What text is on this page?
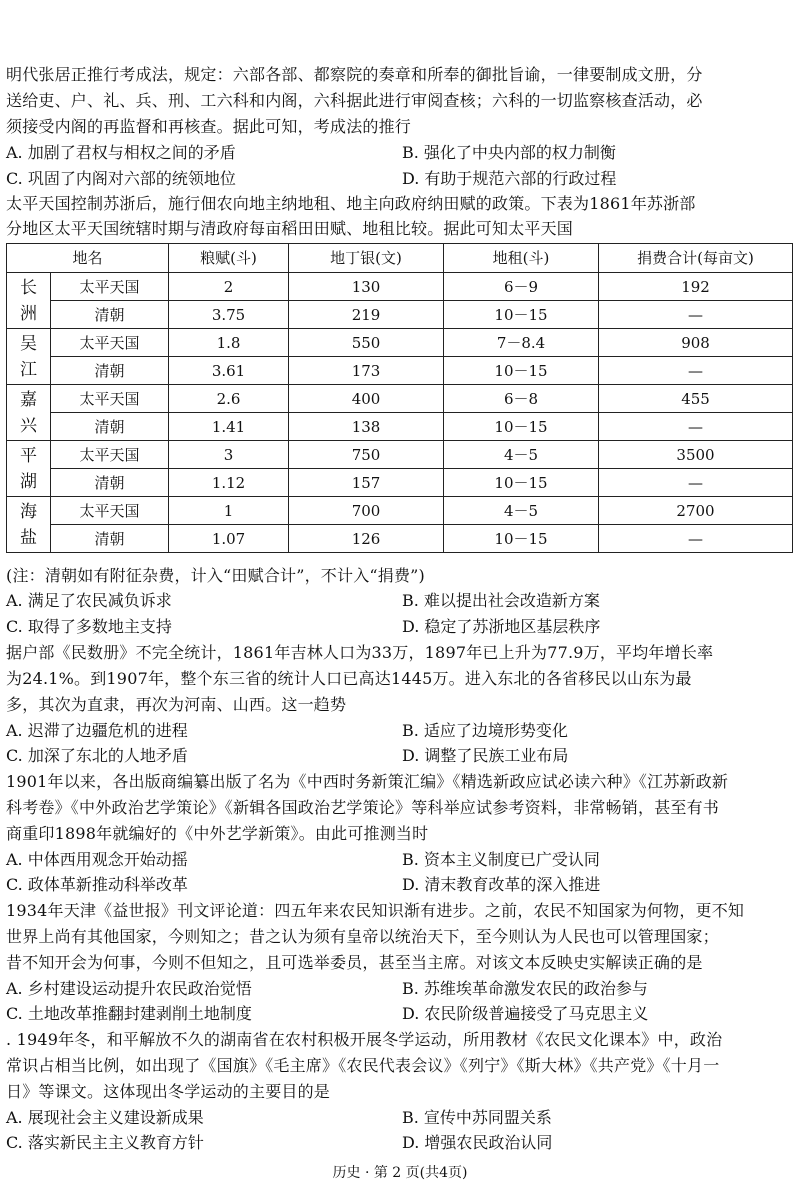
明代张居正推行考成法，规定：六部各部、都察院的奏章和所奉的御批旨谕，一律要制成文册，分
送给吏、户、礼、兵、刑、工六科和内阁，六科据此进行审阅查核；六科的一切监察核查活动，必
须接受内阁的再监督和再核查。据此可知，考成法的推行
A. 加剧了君权与相权之间的矛盾	B. 强化了中央内部的权力制衡
C. 巩固了内阁对六部的统领地位	D. 有助于规范六部的行政过程
太平天国控制苏浙后，施行佃农向地主纳地租、地主向政府纳田赋的政策。下表为1861年苏浙部
分地区太平天国统辖时期与清政府每亩稻田田赋、地租比较。据此可知太平天国
地名		粮赋(斗)	地丁银(文)	地租(斗)	捐费合计(每亩文)

长
洲	太平天国	2	130	6－9	192
	清朝	3.75	219	10－15	—

吴
江	太平天国	1.8	550	7－8.4	908
	清朝	3.61	173	10－15	—

嘉
兴	太平天国	2.6	400	6－8	455
	清朝	1.41	138	10－15	—

平
湖	太平天国	3	750	4－5	3500
	清朝	1.12	157	10－15	—

海
盐	太平天国	1	700	4－5	2700
	清朝	1.07	126	10－15	—
(注：清朝如有附征杂费，计入“田赋合计”，不计入“捐费”)
A. 满足了农民减负诉求	B. 难以提出社会改造新方案
C. 取得了多数地主支持	D. 稳定了苏浙地区基层秩序
据户部《民数册》不完全统计，1861年吉林人口为33万，1897年已上升为77.9万，平均年增长率
为24.1%。到1907年，整个东三省的统计人口已高达1445万。进入东北的各省移民以山东为最
多，其次为直隶，再次为河南、山西。这一趋势
A. 迟滞了边疆危机的进程	B. 适应了边境形势变化
C. 加深了东北的人地矛盾	D. 调整了民族工业布局
1901年以来，各出版商编纂出版了名为《中西时务新策汇编》《精选新政应试必读六种》《江苏新政新
科考卷》《中外政治艺学策论》《新辑各国政治艺学策论》等科举应试参考资料，非常畅销，甚至有书
商重印1898年就编好的《中外艺学新策》。由此可推测当时
A. 中体西用观念开始动摇	B. 资本主义制度已广受认同
C. 政体革新推动科举改革	D. 清末教育改革的深入推进
1934年天津《益世报》刊文评论道：四五年来农民知识渐有进步。之前，农民不知国家为何物，更不知
世界上尚有其他国家，今则知之；昔之认为须有皇帝以统治天下，至今则认为人民也可以管理国家；
昔不知开会为何事，今则不但知之，且可选举委员，甚至当主席。对该文本反映史实解读正确的是
A. 乡村建设运动提升农民政治觉悟	B. 苏维埃革命激发农民的政治参与
C. 土地改革推翻封建剥削土地制度	D. 农民阶级普遍接受了马克思主义
. 1949年冬，和平解放不久的湖南省在农村积极开展冬学运动，所用教材《农民文化课本》中，政治
常识占相当比例，如出现了《国旗》《毛主席》《农民代表会议》《列宁》《斯大林》《共产党》《十月一
日》等课文。这体现出冬学运动的主要目的是
A. 展现社会主义建设新成果	B. 宣传中苏同盟关系
C. 落实新民主主义教育方针	D. 增强农民政治认同
历史 · 第 2 页(共4页)
